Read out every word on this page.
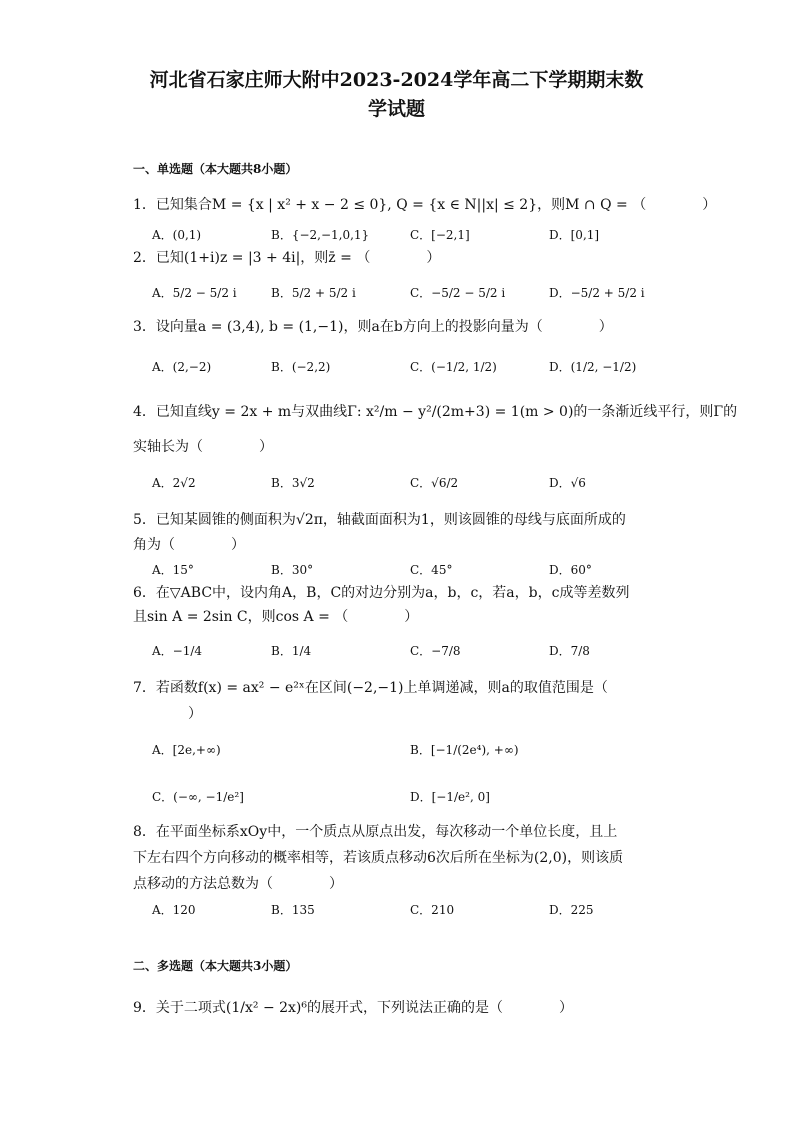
河北省石家庄师大附中2023-2024学年高二下学期期末数
学试题
一、单选题（本大题共8小题）
1．已知集合M = {x | x² + x − 2 ≤ 0}, Q = {x ∈ N||x| ≤ 2}，则M ∩ Q = （　　　　）
A．(0,1)	B．{−2,−1,0,1}	C．[−2,1]	D．[0,1]
2．已知(1+i)z = |3 + 4i|，则z̄ = （　　　　）
A．5/2 − 5/2 i	B．5/2 + 5/2 i	C．−5/2 − 5/2 i	D．−5/2 + 5/2 i
3．设向量a = (3,4), b = (1,−1)，则a在b方向上的投影向量为（　　　　）
A．(2,−2)	B．(−2,2)	C．(−1/2, 1/2)	D．(1/2, −1/2)
4．已知直线y = 2x + m与双曲线Γ: x²/m − y²/(2m+3) = 1(m > 0)的一条渐近线平行，则Γ的
实轴长为（　　　　）
A．2√2	B．3√2	C．√6/2	D．√6
5．已知某圆锥的侧面积为√2π，轴截面面积为1，则该圆锥的母线与底面所成的
角为（　　　　）
A．15°	B．30°	C．45°	D．60°
6．在▽ABC中，设内角A，B，C的对边分别为a，b，c，若a，b，c成等差数列
且sin A = 2sin C，则cos A = （　　　　）
A．−1/4	B．1/4	C．−7/8	D．7/8
7．若函数f(x) = ax² − e²ˣ在区间(−2,−1)上单调递减，则a的取值范围是（
）
A．[2e,+∞)	B．[−1/(2e⁴), +∞)
C．(−∞, −1/e²]	D．[−1/e², 0]
8．在平面坐标系xOy中，一个质点从原点出发，每次移动一个单位长度，且上
下左右四个方向移动的概率相等，若该质点移动6次后所在坐标为(2,0)，则该质
点移动的方法总数为（　　　　）
A．120	B．135	C．210	D．225
二、多选题（本大题共3小题）
9．关于二项式(1/x² − 2x)⁶的展开式，下列说法正确的是（　　　　）
